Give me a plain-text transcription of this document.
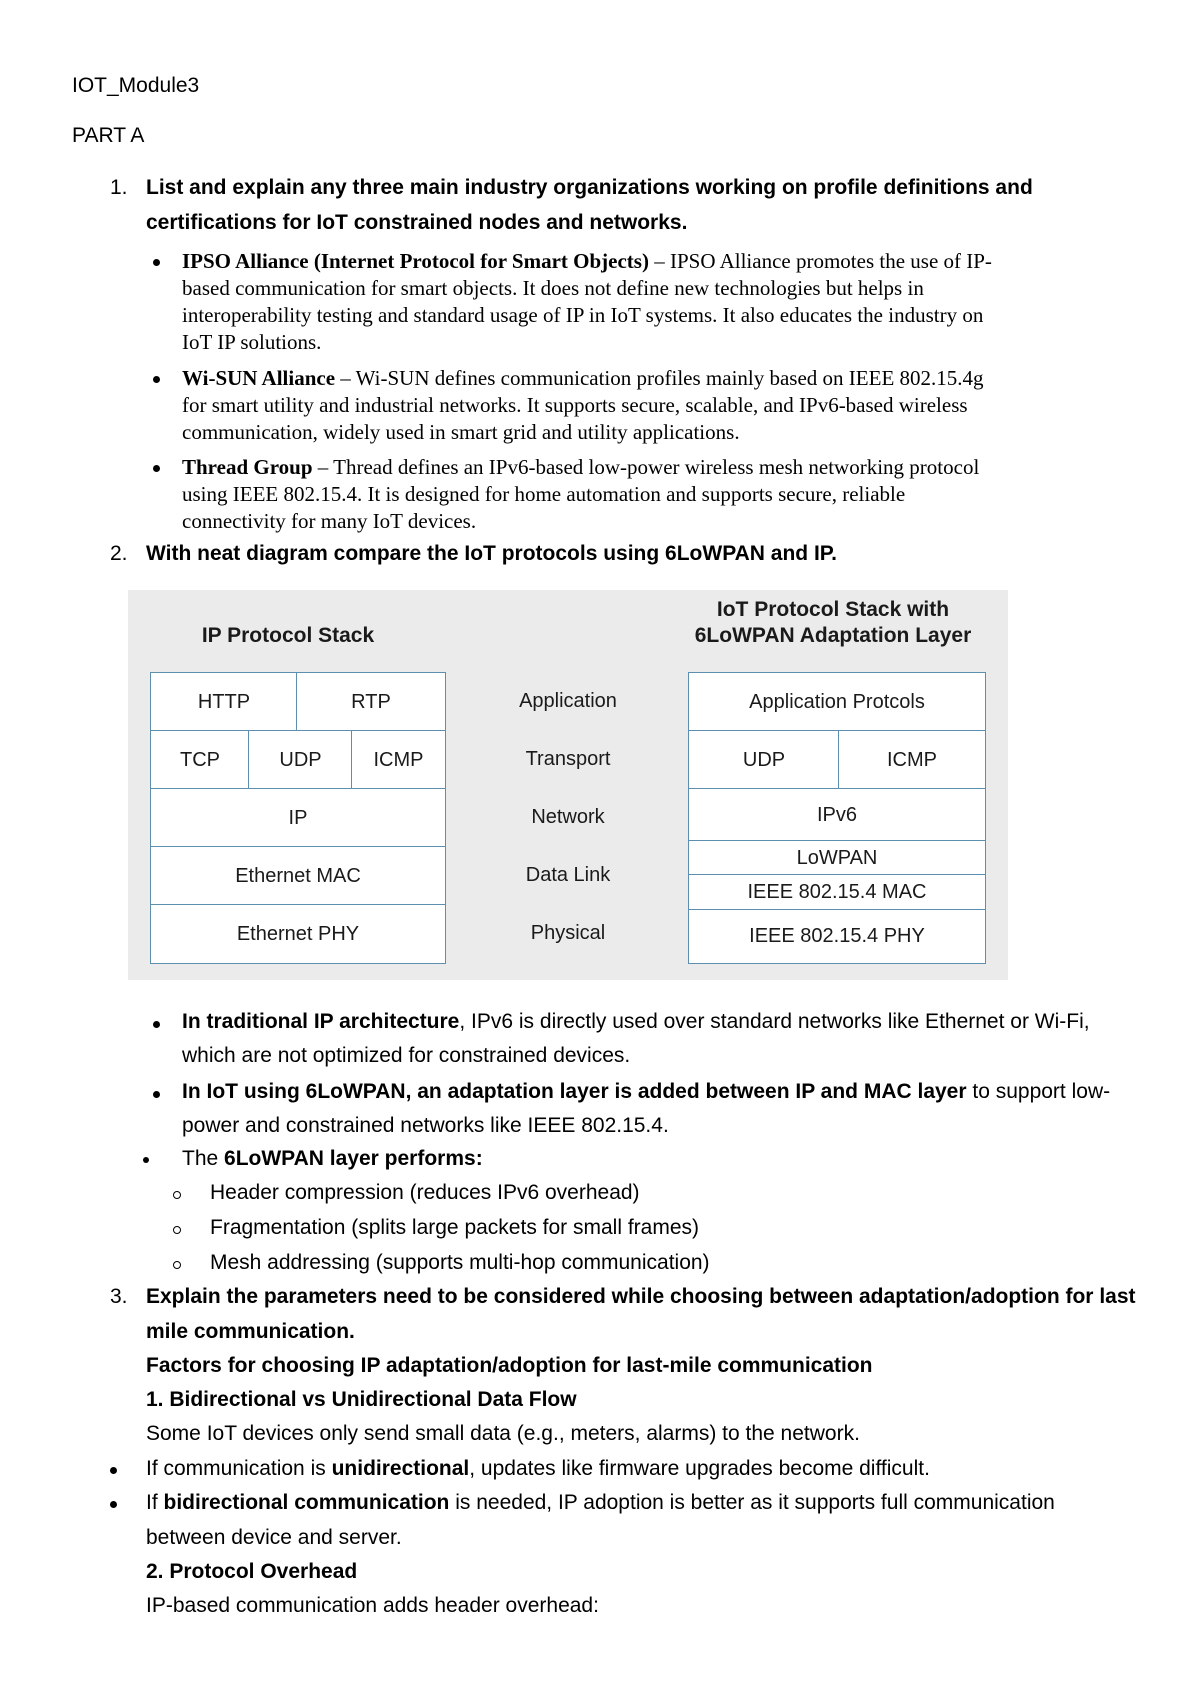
IOT_Module3
PART A
1. List and explain any three main industry organizations working on profile definitions and
certifications for IoT constrained nodes and networks.
IPSO Alliance (Internet Protocol for Smart Objects) – IPSO Alliance promotes the use of IP-
based communication for smart objects. It does not define new technologies but helps in
interoperability testing and standard usage of IP in IoT systems. It also educates the industry on
IoT IP solutions.
Wi-SUN Alliance – Wi-SUN defines communication profiles mainly based on IEEE 802.15.4g
for smart utility and industrial networks. It supports secure, scalable, and IPv6-based wireless
communication, widely used in smart grid and utility applications.
Thread Group – Thread defines an IPv6-based low-power wireless mesh networking protocol
using IEEE 802.15.4. It is designed for home automation and supports secure, reliable
connectivity for many IoT devices.
2. With neat diagram compare the IoT protocols using 6LoWPAN and IP.
IP Protocol Stack
IoT Protocol Stack with
6LoWPAN Adaptation Layer
HTTP	RTP
TCP	UDP	ICMP
IP
Ethernet MAC
Ethernet PHY
Application
Transport
Network
Data Link
Physical
Application Protcols
UDP	ICMP
IPv6
LoWPAN
IEEE 802.15.4 MAC
IEEE 802.15.4 PHY
In traditional IP architecture, IPv6 is directly used over standard networks like Ethernet or Wi-Fi,
which are not optimized for constrained devices.
In IoT using 6LoWPAN, an adaptation layer is added between IP and MAC layer to support low-
power and constrained networks like IEEE 802.15.4.
The 6LoWPAN layer performs:
Header compression (reduces IPv6 overhead)
Fragmentation (splits large packets for small frames)
Mesh addressing (supports multi-hop communication)
3. Explain the parameters need to be considered while choosing between adaptation/adoption for last
mile communication.
Factors for choosing IP adaptation/adoption for last-mile communication
1. Bidirectional vs Unidirectional Data Flow
Some IoT devices only send small data (e.g., meters, alarms) to the network.
If communication is unidirectional, updates like firmware upgrades become difficult.
If bidirectional communication is needed, IP adoption is better as it supports full communication
between device and server.
2. Protocol Overhead
IP-based communication adds header overhead:
